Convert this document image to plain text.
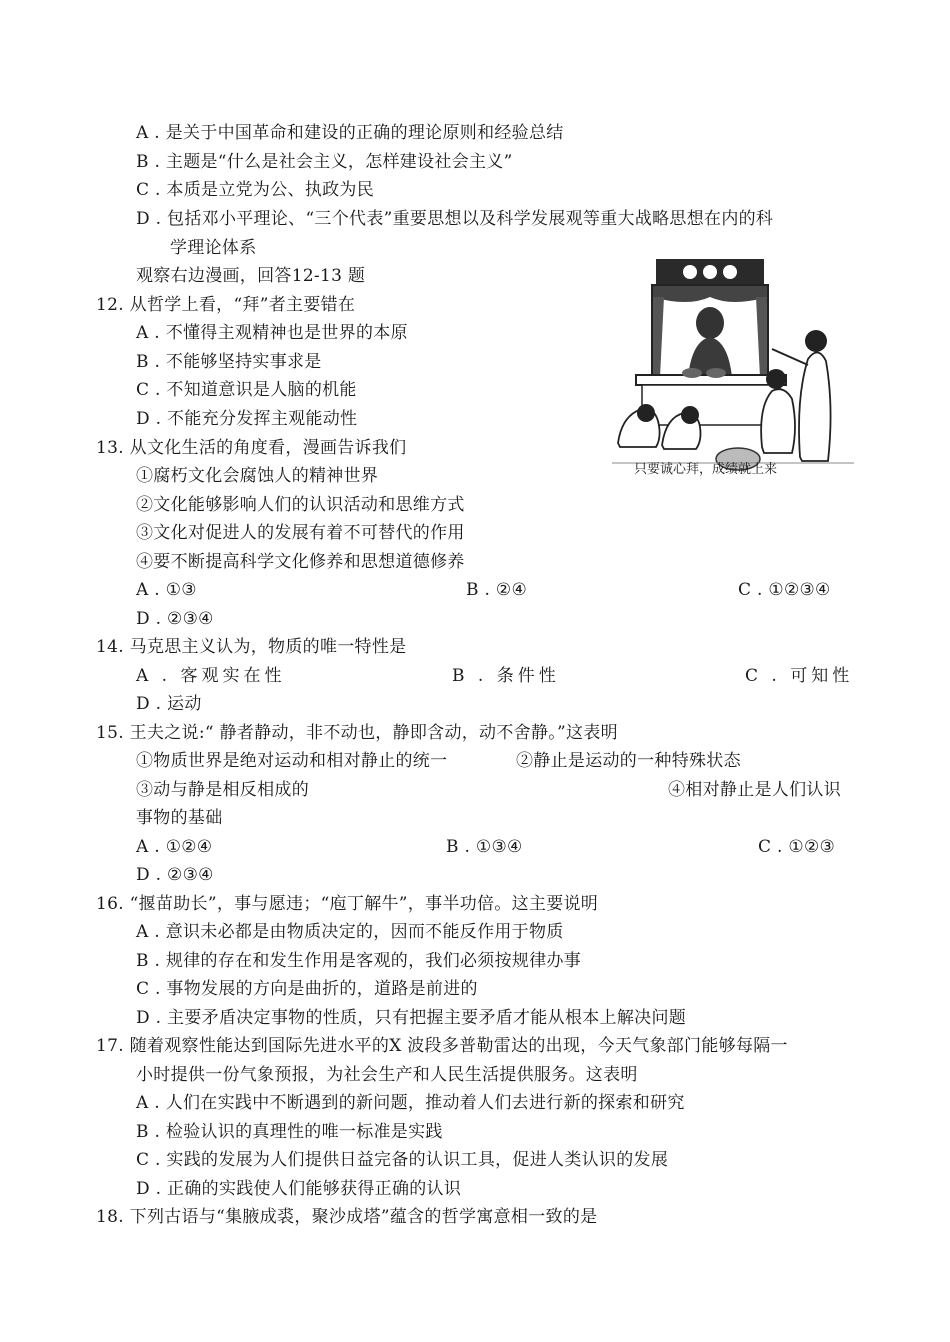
A . 是关于中国革命和建设的正确的理论原则和经验总结
B . 主题是“什么是社会主义，怎样建设社会主义”
C . 本质是立党为公、执政为民
D . 包括邓小平理论、“三个代表”重要思想以及科学发展观等重大战略思想在内的科
学理论体系
观察右边漫画，回答12-13 题
12. 从哲学上看，“拜”者主要错在
A . 不懂得主观精神也是世界的本原
B . 不能够坚持实事求是
C . 不知道意识是人脑的机能
D . 不能充分发挥主观能动性
13. 从文化生活的角度看，漫画告诉我们
①腐朽文化会腐蚀人的精神世界
②文化能够影响人们的认识活动和思维方式
③文化对促进人的发展有着不可替代的作用
④要不断提高科学文化修养和思想道德修养
A . ①③	B . ②④	C . ①②③④
D . ②③④
14. 马克思主义认为，物质的唯一特性是
A . 客观实在性	B . 条件性	C . 可知性
D . 运动
15. 王夫之说:“ 静者静动，非不动也，静即含动，动不舍静。”这表明
①物质世界是绝对运动和相对静止的统一	②静止是运动的一种特殊状态
③动与静是相反相成的	④相对静止是人们认识
事物的基础
A . ①②④	B . ①③④	C . ①②③
D . ②③④
16. “揠苗助长”，事与愿违；“庖丁解牛”，事半功倍。这主要说明
A . 意识未必都是由物质决定的，因而不能反作用于物质
B . 规律的存在和发生作用是客观的，我们必须按规律办事
C . 事物发展的方向是曲折的，道路是前进的
D . 主要矛盾决定事物的性质，只有把握主要矛盾才能从根本上解决问题
17. 随着观察性能达到国际先进水平的X 波段多普勒雷达的出现，今天气象部门能够每隔一
小时提供一份气象预报，为社会生产和人民生活提供服务。这表明
A . 人们在实践中不断遇到的新问题，推动着人们去进行新的探索和研究
B . 检验认识的真理性的唯一标准是实践
C . 实践的发展为人们提供日益完备的认识工具，促进人类认识的发展
D . 正确的实践使人们能够获得正确的认识
18. 下列古语与“集腋成裘，聚沙成塔”蕴含的哲学寓意相一致的是
只要诚心拜，成绩就上来
